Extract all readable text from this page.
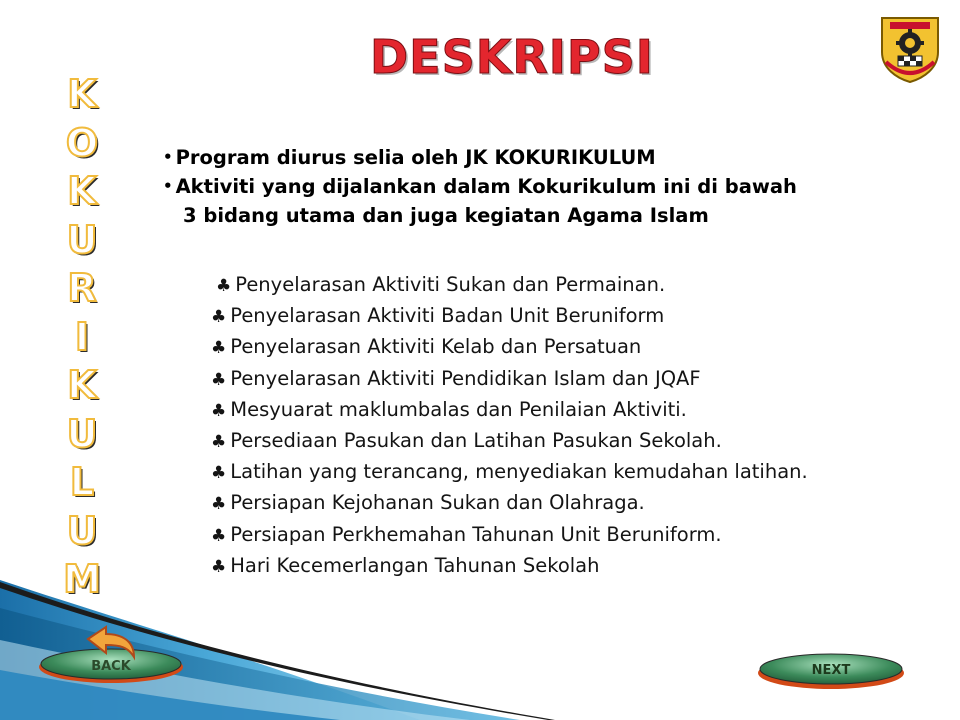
DESKRIPSI
K
O
K
U
R
I
K
U
L
U
M
• Program diurus selia oleh JK KOKURIKULUM
• Aktiviti yang dijalankan dalam Kokurikulum ini di bawah
3 bidang utama dan juga kegiatan Agama Islam
♣ Penyelarasan Aktiviti Sukan dan Permainan.
♣ Penyelarasan Aktiviti Badan Unit Beruniform
♣ Penyelarasan Aktiviti Kelab dan Persatuan
♣ Penyelarasan Aktiviti Pendidikan Islam dan JQAF
♣ Mesyuarat maklumbalas dan Penilaian Aktiviti.
♣ Persediaan Pasukan dan Latihan Pasukan Sekolah.
♣ Latihan yang terancang, menyediakan kemudahan latihan.
♣ Persiapan Kejohanan Sukan dan Olahraga.
♣ Persiapan Perkhemahan Tahunan Unit Beruniform.
♣ Hari Kecemerlangan Tahunan Sekolah
BACK	NEXT
